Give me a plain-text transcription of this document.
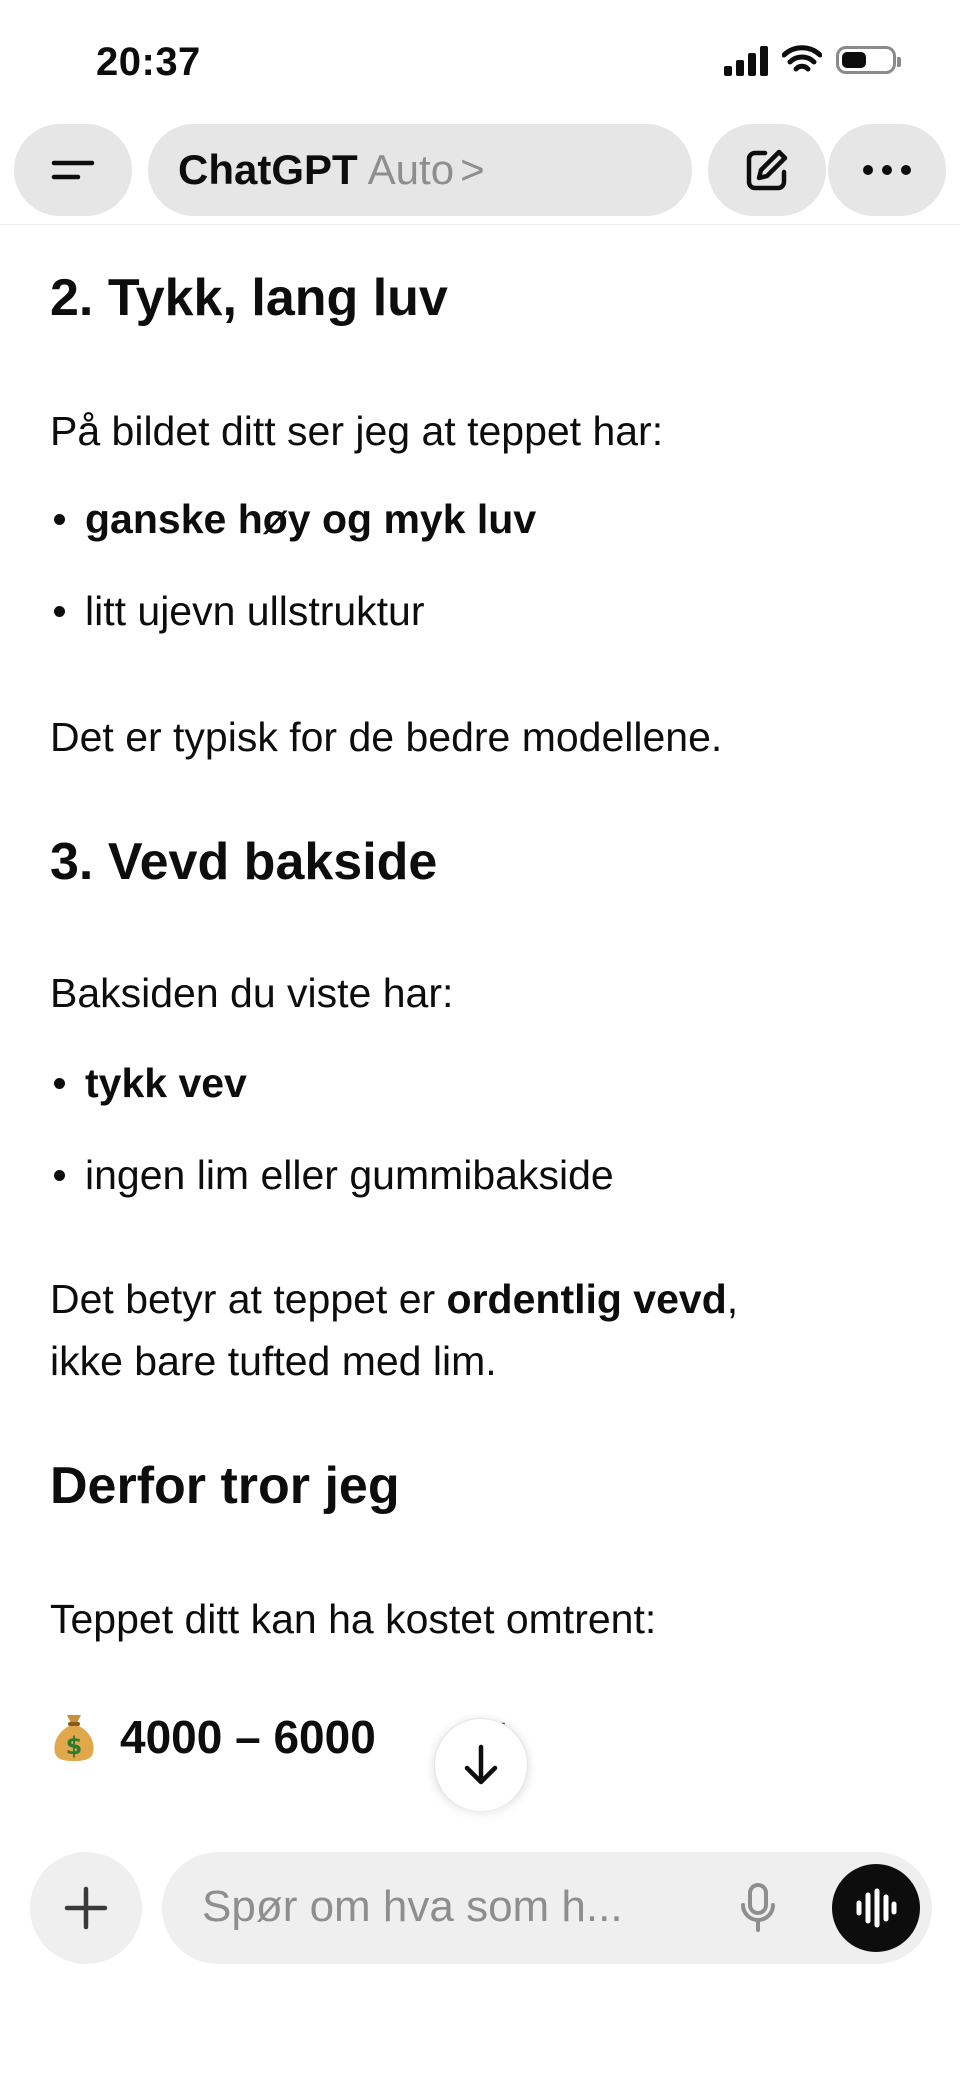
20:37
ChatGPT Auto >
2. Tykk, lang luv
På bildet ditt ser jeg at teppet har:
ganske høy og myk luv
litt ujevn ullstruktur
Det er typisk for de bedre modellene.
3. Vevd bakside
Baksiden du viste har:
tykk vev
ingen lim eller gummibakside
Det betyr at teppet er ordentlig vevd,
ikke bare tufted med lim.
Derfor tror jeg
Teppet ditt kan ha kostet omtrent:
$ 4000 – 6000
Spør om hva som h...
